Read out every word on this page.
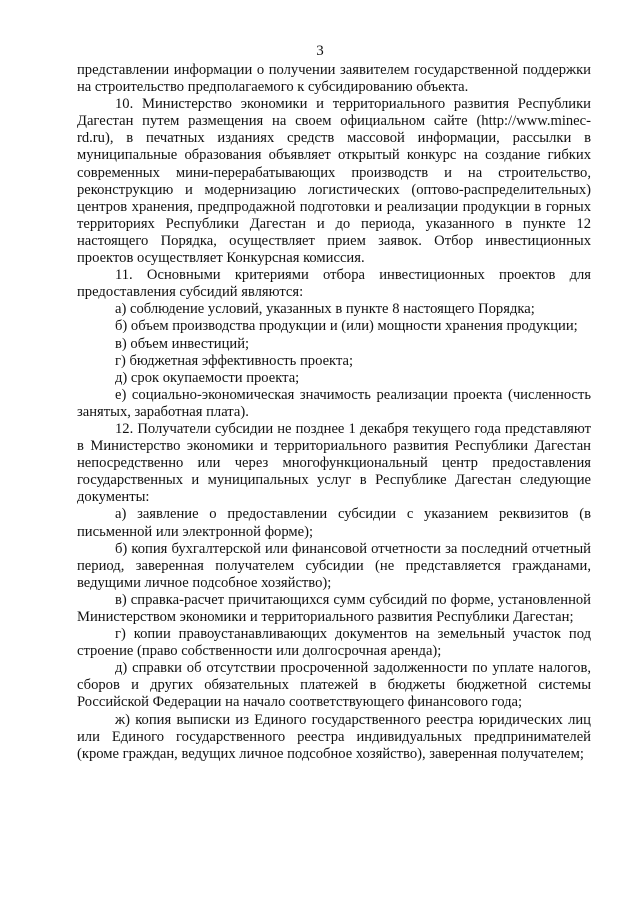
3

представлении информации о получении заявителем государственной поддержки на строительство предполагаемого к субсидированию объекта.

10. Министерство экономики и территориального развития Республики Дагестан путем размещения на своем официальном сайте (http://www.minec-rd.ru), в печатных изданиях средств массовой информации, рассылки в муниципальные образования объявляет открытый конкурс на создание гибких современных мини-перерабатывающих производств и на строительство, реконструкцию и модернизацию логистических (оптово-распределительных) центров хранения, предпродажной подготовки и реализации продукции в горных территориях Республики Дагестан и до периода, указанного в пункте 12 настоящего Порядка, осуществляет прием заявок. Отбор инвестиционных проектов осуществляет Конкурсная комиссия.

11. Основными критериями отбора инвестиционных проектов для предоставления субсидий являются:

а) соблюдение условий, указанных в пункте 8 настоящего Порядка;

б) объем производства продукции и (или) мощности хранения продукции;

в) объем инвестиций;

г) бюджетная эффективность проекта;

д) срок окупаемости проекта;

е) социально-экономическая значимость реализации проекта (численность занятых, заработная плата).

12. Получатели субсидии не позднее 1 декабря текущего года представляют в Министерство экономики и территориального развития Республики Дагестан непосредственно или через многофункциональный центр предоставления государственных и муниципальных услуг в Республике Дагестан следующие документы:

а) заявление о предоставлении субсидии с указанием реквизитов (в письменной или электронной форме);

б) копия бухгалтерской или финансовой отчетности за последний отчетный период, заверенная получателем субсидии (не представляется гражданами, ведущими личное подсобное хозяйство);

в) справка-расчет причитающихся сумм субсидий по форме, установленной Министерством экономики и территориального развития Республики Дагестан;

г) копии правоустанавливающих документов на земельный участок под строение (право собственности или долгосрочная аренда);

д) справки об отсутствии просроченной задолженности по уплате налогов, сборов и других обязательных платежей в бюджеты бюджетной системы Российской Федерации на начало соответствующего финансового года;

ж) копия выписки из Единого государственного реестра юридических лиц или Единого государственного реестра индивидуальных предпринимателей (кроме граждан, ведущих личное подсобное хозяйство), заверенная получателем;
